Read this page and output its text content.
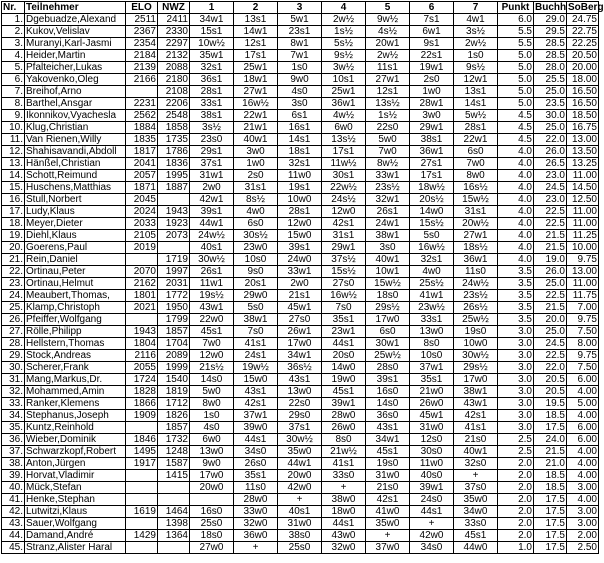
Nr.	Teilnehmer	ELO	NWZ	1	2	3	4	5	6	7	Punkt	Buchh	SoBerg
1.	Dgebuadze,Alexand	2511	2411	34w1	13s1	5w1	2w½	9w½	7s1	4w1	6.0	29.0	24.75
2.	Kukov,Velislav	2367	2330	15s1	14w1	23s1	1s½	4s½	6w1	3s½	5.5	29.5	22.75
3.	Muranyi,Karl-Jasmi	2354	2297	10w½	12s1	8w1	5s½	20w1	9s1	2w½	5.5	28.5	22.25
4.	Heider,Martin	2184	2132	35w1	17s1	7w1	9s½	2w½	22s1	1s0	5.0	28.5	20.50
5.	Pfalteicher,Lukas	2139	2088	32s1	25w1	1s0	3w½	11s1	19w1	9s½	5.0	28.0	20.00
6.	Yakovenko,Oleg	2166	2180	36s1	18w1	9w0	10s1	27w1	2s0	12w1	5.0	25.5	18.00
7.	Breihof,Arno		2108	28s1	27w1	4s0	25w1	12s1	1w0	13s1	5.0	25.0	16.50
8.	Barthel,Ansgar	2231	2206	33s1	16w½	3s0	36w1	13s½	28w1	14s1	5.0	23.5	16.50
9.	Ikonnikov,Vyachesla	2562	2548	38s1	22w1	6s1	4w½	1s½	3w0	5w½	4.5	30.0	18.50
10.	Klug,Christian	1884	1858	3s½	21w1	16s1	6w0	22s0	29w1	28s1	4.5	25.0	16.75
11.	Van Rienen,Willy	1835	1735	23s0	40w1	14s1	13s½	5w0	38s1	22w1	4.5	22.0	13.00
12.	Shahisavandi,Abdoll	1817	1786	29s1	3w0	18s1	17s1	7w0	36w1	6s0	4.0	26.0	13.50
13.	Hänßel,Christian	2041	1836	37s1	1w0	32s1	11w½	8w½	27s1	7w0	4.0	26.5	13.25
14.	Schott,Reimund	2057	1995	31w1	2s0	11w0	30s1	33w1	17s1	8w0	4.0	23.0	11.00
15.	Huschens,Matthias	1871	1887	2w0	31s1	19s1	22w½	23s½	18w½	16s½	4.0	24.5	14.50
16.	Stull,Norbert	2045		42w1	8s½	10w0	24s½	32w1	20s½	15w½	4.0	23.0	12.50
17.	Ludy,Klaus	2024	1943	39s1	4w0	28s1	12w0	26s1	14w0	31s1	4.0	22.5	11.00
18.	Meyer,Dieter	2033	1923	44w1	6s0	12w0	42s1	24w1	15s½	20w½	4.0	22.5	11.00
19.	Diehl,Klaus	2105	2073	24w½	30s½	15w0	31s1	38w1	5s0	27w1	4.0	21.5	11.25
20.	Goerens,Paul	2019		40s1	23w0	39s1	29w1	3s0	16w½	18s½	4.0	21.5	10.00
21.	Rein,Daniel		1719	30w½	10s0	24w0	37s½	40w1	32s1	36w1	4.0	19.0	9.75
22.	Ortinau,Peter	2070	1997	26s1	9s0	33w1	15s½	10w1	4w0	11s0	3.5	26.0	13.00
23.	Ortinau,Helmut	2162	2031	11w1	20s1	2w0	27s0	15w½	25s½	24w½	3.5	25.0	11.00
24.	Meaubert,Thomas,	1801	1772	19s½	29w0	21s1	16w½	18s0	41w1	23s½	3.5	22.5	11.75
25.	Klamp,Christoph	2021	1950	43w1	5s0	45w1	7s0	29s½	23w½	26s½	3.5	21.5	7.00
26.	Pfeiffer,Wolfgang		1799	22w0	38w1	27s0	35s1	17w0	33s1	25w½	3.5	20.0	9.75
27.	Rölle,Philipp	1943	1857	45s1	7s0	26w1	23w1	6s0	13w0	19s0	3.0	25.0	7.50
28.	Hellstern,Thomas	1804	1704	7w0	41s1	17w0	44s1	30w1	8s0	10w0	3.0	24.5	8.00
29.	Stock,Andreas	2116	2089	12w0	24s1	34w1	20s0	25w½	10s0	30w½	3.0	22.5	9.75
30.	Scherer,Frank	2055	1999	21s½	19w½	36s½	14w0	28s0	37w1	29s½	3.0	22.0	7.50
31.	Mang,Markus,Dr.	1724	1540	14s0	15w0	43s1	19w0	39s1	35s1	17w0	3.0	20.5	6.00
32.	Mohammed,Amin	1828	1819	5w0	43s1	13w0	45s1	16s0	21w0	38w1	3.0	20.5	4.00
33.	Ranker,Klemens	1866	1712	8w0	42s1	22s0	39w1	14s0	26w0	43w1	3.0	19.5	5.00
34.	Stephanus,Joseph	1909	1826	1s0	37w1	29s0	28w0	36s0	45w1	42s1	3.0	18.5	4.00
35.	Kuntz,Reinhold		1857	4s0	39w0	37s1	26w0	43s1	31w0	41s1	3.0	17.5	6.00
36.	Wieber,Dominik	1846	1732	6w0	44s1	30w½	8s0	34w1	12s0	21s0	2.5	24.0	6.00
37.	Schwarzkopf,Robert	1495	1248	13w0	34s0	35w0	21w½	45s1	30s0	40w1	2.5	21.5	4.00
38.	Anton,Jürgen	1917	1587	9w0	26s0	44w1	41s1	19s0	11w0	32s0	2.0	21.0	4.00
39.	Horvat,Vladimir		1415	17w0	35s1	20w0	33s0	31w0	40s0	+	2.0	18.5	4.00
40.	Mück,Stefan			20w0	11s0	42w0	+	21s0	39w1	37s0	2.0	18.5	3.00
41.	Henke,Stephan				28w0	+	38w0	42s1	24s0	35w0	2.0	17.5	4.00
42.	Lutwitzi,Klaus	1619	1464	16s0	33w0	40s1	18w0	41w0	44s1	34w0	2.0	17.5	3.00
43.	Sauer,Wolfgang		1398	25s0	32w0	31w0	44s1	35w0	+	33s0	2.0	17.5	3.00
44.	Damand,André	1429	1364	18s0	36w0	38s0	43w0	+	42w0	45s1	2.0	17.5	2.00
45.	Stranz,Alister Haral			27w0	+	25s0	32w0	37w0	34s0	44w0	1.0	17.5	2.50
